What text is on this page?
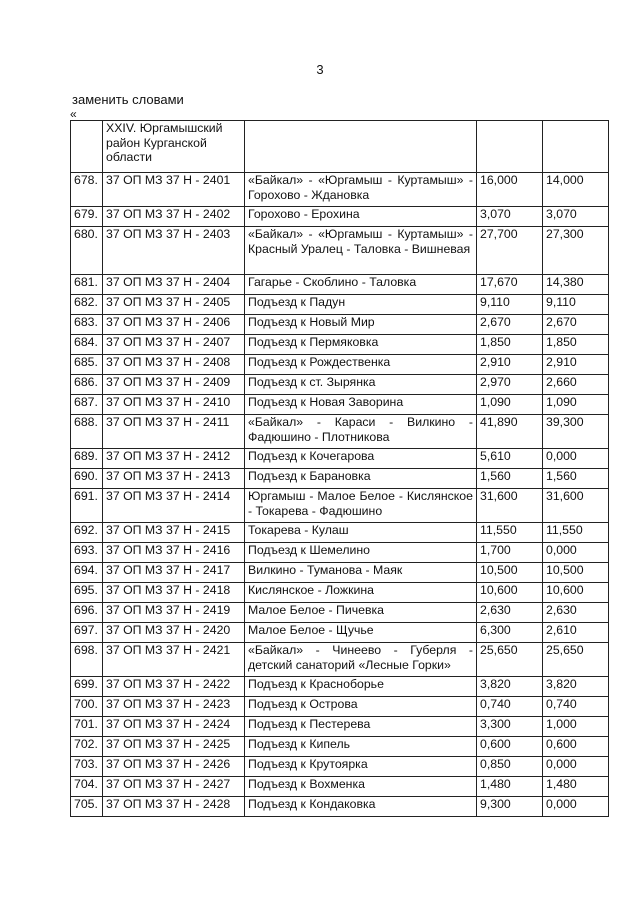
3
заменить словами
«
	XXIV. Юргамышский район Курганской области			
678.	37 ОП МЗ 37 Н - 2401	«Байкал» - «Юргамыш - Куртамыш» - Горохово - Ждановка	16,000	14,000
679.	37 ОП МЗ 37 Н - 2402	Горохово - Ерохина	3,070	3,070
680.	37 ОП МЗ 37 Н - 2403	«Байкал» - «Юргамыш - Куртамыш» - Красный Уралец - Таловка - Вишневая	27,700	27,300
681.	37 ОП МЗ 37 Н - 2404	Гагарье - Скоблино - Таловка	17,670	14,380
682.	37 ОП МЗ 37 Н - 2405	Подъезд к Падун	9,110	9,110
683.	37 ОП МЗ 37 Н - 2406	Подъезд к Новый Мир	2,670	2,670
684.	37 ОП МЗ 37 Н - 2407	Подъезд к Пермяковка	1,850	1,850
685.	37 ОП МЗ 37 Н - 2408	Подъезд к Рождественка	2,910	2,910
686.	37 ОП МЗ 37 Н - 2409	Подъезд к ст. Зырянка	2,970	2,660
687.	37 ОП МЗ 37 Н - 2410	Подъезд к Новая Заворина	1,090	1,090
688.	37 ОП МЗ 37 Н - 2411	«Байкал» - Караси - Вилкино - Фадюшино - Плотникова	41,890	39,300
689.	37 ОП МЗ 37 Н - 2412	Подъезд к Кочегарова	5,610	0,000
690.	37 ОП МЗ 37 Н - 2413	Подъезд к Барановка	1,560	1,560
691.	37 ОП МЗ 37 Н - 2414	Юргамыш - Малое Белое - Кислянское - Токарева - Фадюшино	31,600	31,600
692.	37 ОП МЗ 37 Н - 2415	Токарева - Кулаш	11,550	11,550
693.	37 ОП МЗ 37 Н - 2416	Подъезд к Шемелино	1,700	0,000
694.	37 ОП МЗ 37 Н - 2417	Вилкино - Туманова - Маяк	10,500	10,500
695.	37 ОП МЗ 37 Н - 2418	Кислянское - Ложкина	10,600	10,600
696.	37 ОП МЗ 37 Н - 2419	Малое Белое - Пичевка	2,630	2,630
697.	37 ОП МЗ 37 Н - 2420	Малое Белое - Щучье	6,300	2,610
698.	37 ОП МЗ 37 Н - 2421	«Байкал» - Чинеево - Губерля - детский санаторий «Лесные Горки»	25,650	25,650
699.	37 ОП МЗ 37 Н - 2422	Подъезд к Красноборье	3,820	3,820
700.	37 ОП МЗ 37 Н - 2423	Подъезд к Острова	0,740	0,740
701.	37 ОП МЗ 37 Н - 2424	Подъезд к Пестерева	3,300	1,000
702.	37 ОП МЗ 37 Н - 2425	Подъезд к Кипель	0,600	0,600
703.	37 ОП МЗ 37 Н - 2426	Подъезд к Крутоярка	0,850	0,000
704.	37 ОП МЗ 37 Н - 2427	Подъезд к Вохменка	1,480	1,480
705.	37 ОП МЗ 37 Н - 2428	Подъезд к Кондаковка	9,300	0,000
